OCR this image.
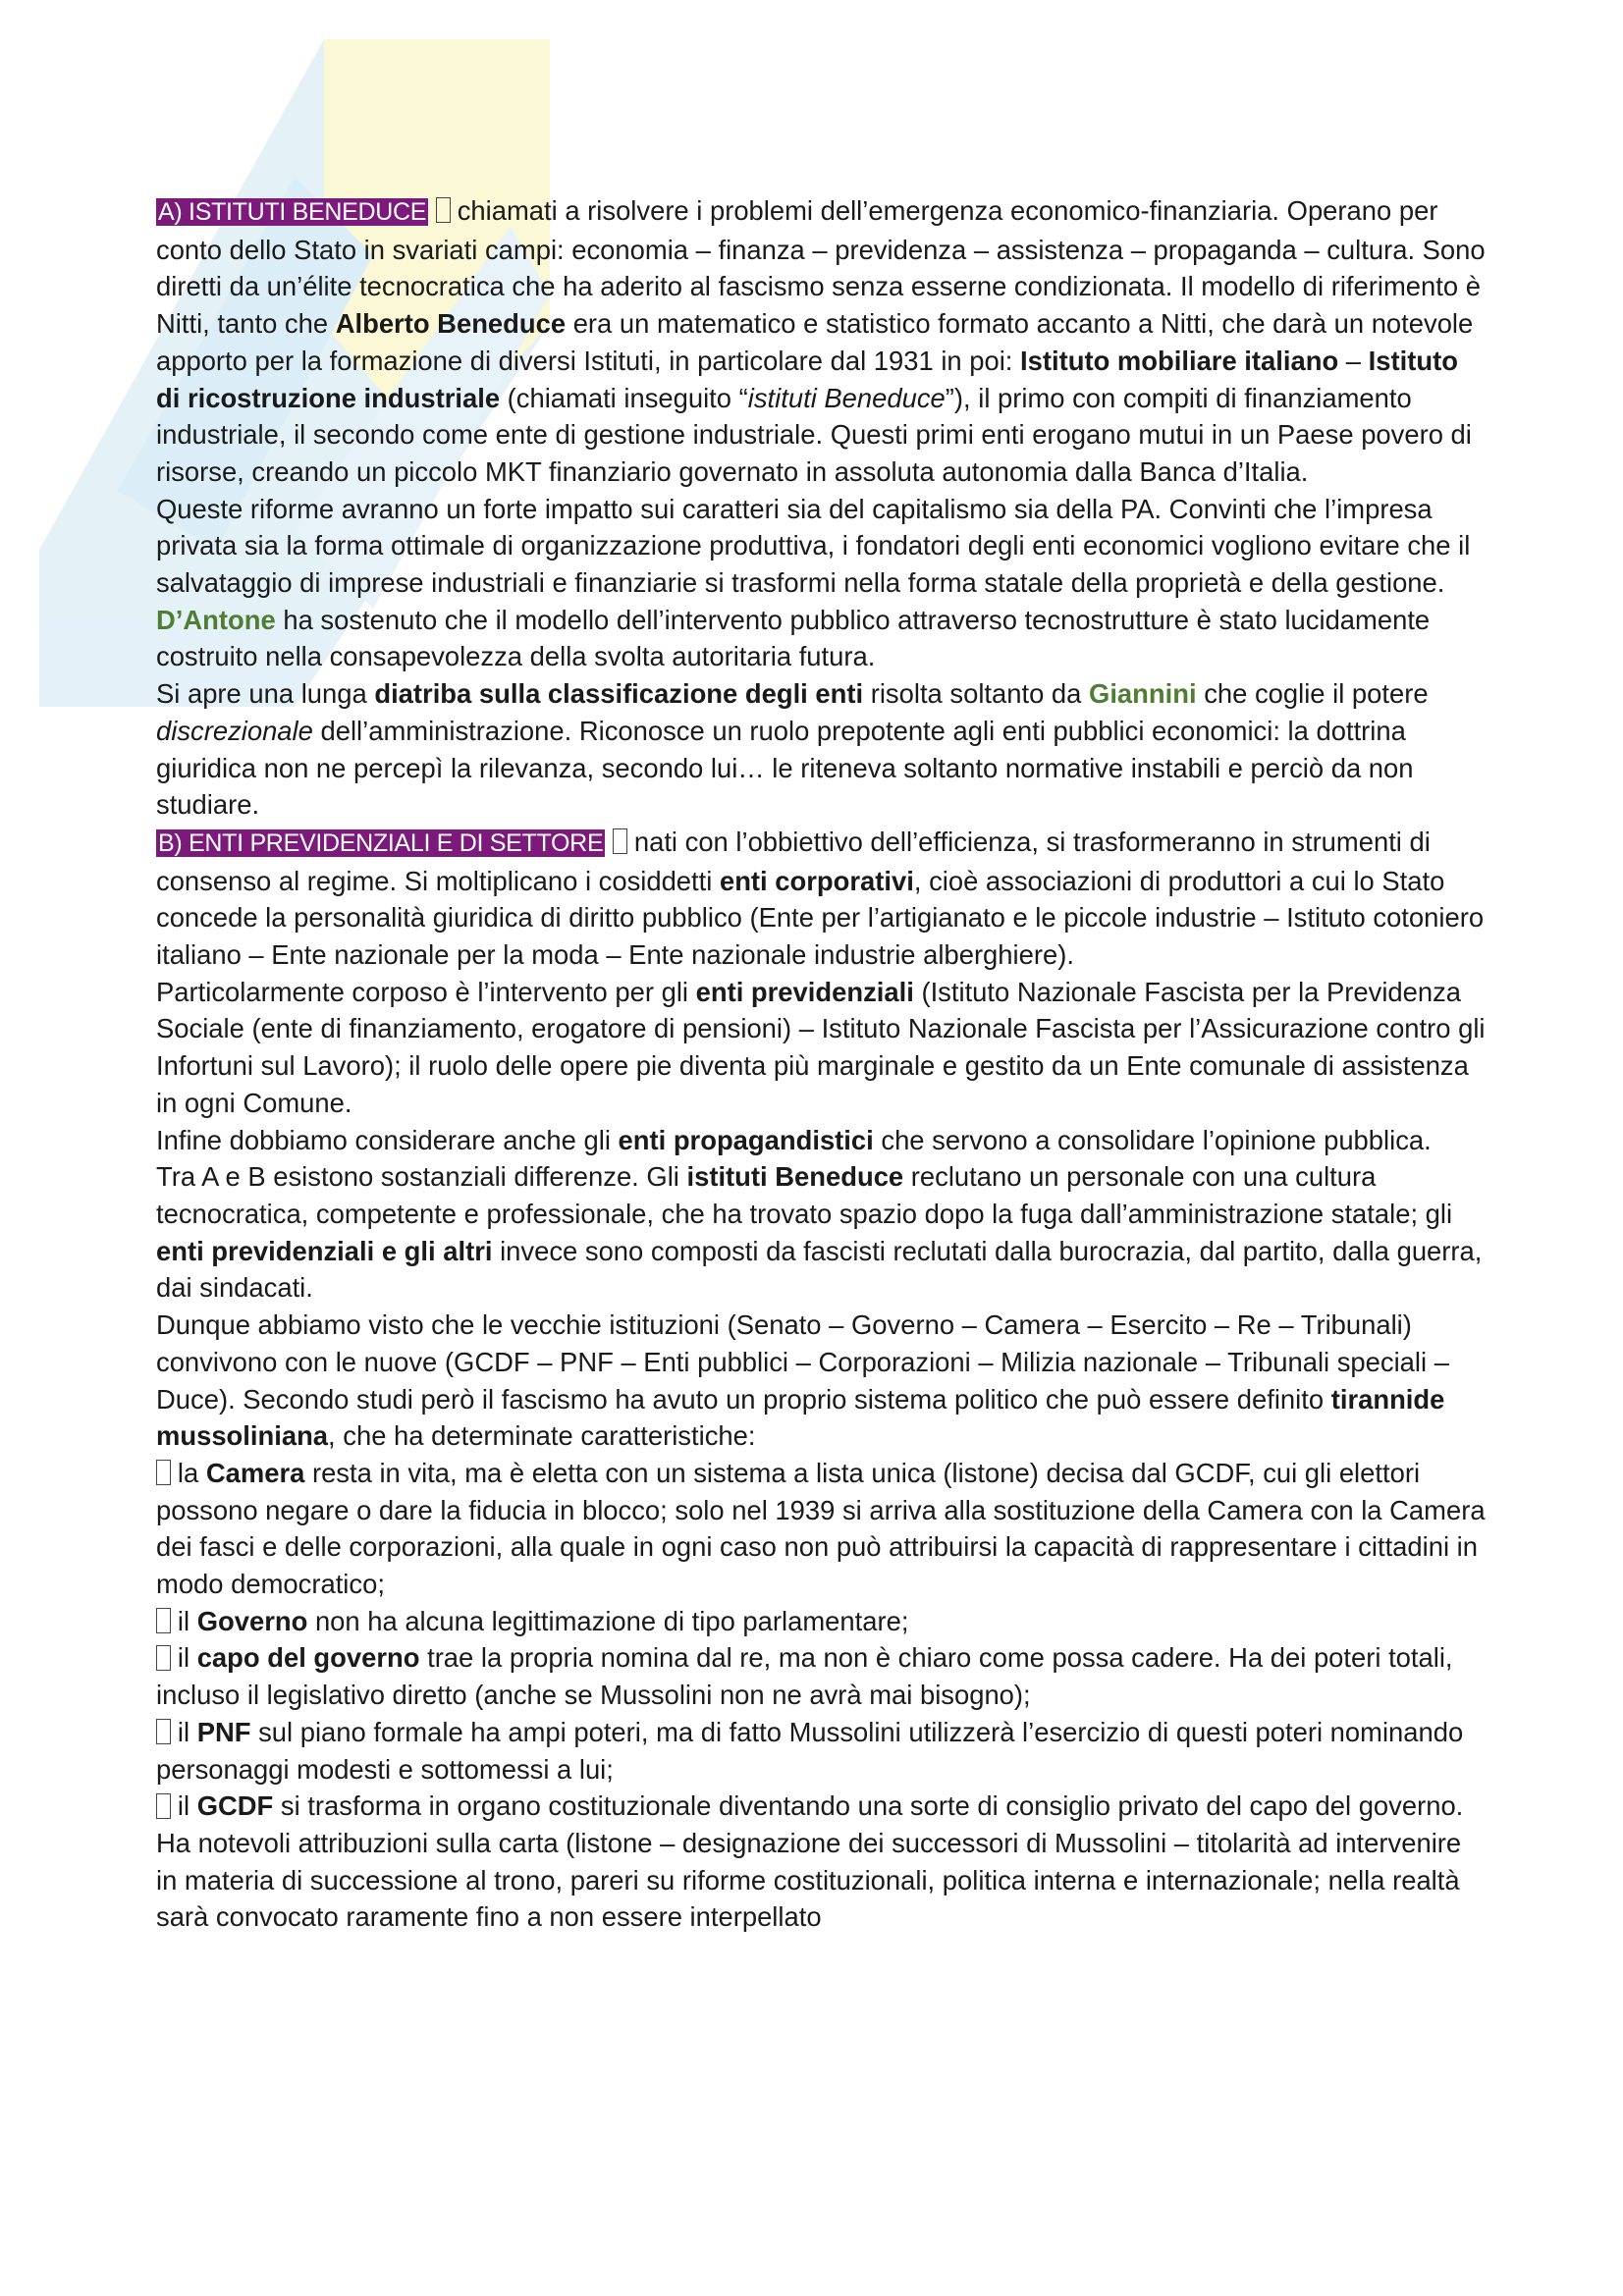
A) ISTITUTI BENEDUCE chiamati a risolvere i problemi dell’emergenza economico-finanziaria. Operano per conto dello Stato in svariati campi: economia – finanza – previdenza – assistenza – propaganda – cultura. Sono diretti da un’élite tecnocratica che ha aderito al fascismo senza esserne condizionata. Il modello di riferimento è Nitti, tanto che Alberto Beneduce era un matematico e statistico formato accanto a Nitti, che darà un notevole apporto per la formazione di diversi Istituti, in particolare dal 1931 in poi: Istituto mobiliare italiano – Istituto di ricostruzione industriale (chiamati inseguito “istituti Beneduce”), il primo con compiti di finanziamento industriale, il secondo come ente di gestione industriale. Questi primi enti erogano mutui in un Paese povero di risorse, creando un piccolo MKT finanziario governato in assoluta autonomia dalla Banca d’Italia.

Queste riforme avranno un forte impatto sui caratteri sia del capitalismo sia della PA. Convinti che l’impresa privata sia la forma ottimale di organizzazione produttiva, i fondatori degli enti economici vogliono evitare che il salvataggio di imprese industriali e finanziarie si trasformi nella forma statale della proprietà e della gestione. D’Antone ha sostenuto che il modello dell’intervento pubblico attraverso tecnostrutture è stato lucidamente costruito nella consapevolezza della svolta autoritaria futura.

Si apre una lunga diatriba sulla classificazione degli enti risolta soltanto da Giannini che coglie il potere discrezionale dell’amministrazione. Riconosce un ruolo prepotente agli enti pubblici economici: la dottrina giuridica non ne percepì la rilevanza, secondo lui… le riteneva soltanto normative instabili e perciò da non studiare.

B) ENTI PREVIDENZIALI E DI SETTORE nati con l’obbiettivo dell’efficienza, si trasformeranno in strumenti di consenso al regime. Si moltiplicano i cosiddetti enti corporativi, cioè associazioni di produttori a cui lo Stato concede la personalità giuridica di diritto pubblico (Ente per l’artigianato e le piccole industrie – Istituto cotoniero italiano – Ente nazionale per la moda – Ente nazionale industrie alberghiere).

Particolarmente corposo è l’intervento per gli enti previdenziali (Istituto Nazionale Fascista per la Previdenza Sociale (ente di finanziamento, erogatore di pensioni) – Istituto Nazionale Fascista per l’Assicurazione contro gli Infortuni sul Lavoro); il ruolo delle opere pie diventa più marginale e gestito da un Ente comunale di assistenza in ogni Comune.

Infine dobbiamo considerare anche gli enti propagandistici che servono a consolidare l’opinione pubblica.

Tra A e B esistono sostanziali differenze. Gli istituti Beneduce reclutano un personale con una cultura tecnocratica, competente e professionale, che ha trovato spazio dopo la fuga dall’amministrazione statale; gli enti previdenziali e gli altri invece sono composti da fascisti reclutati dalla burocrazia, dal partito, dalla guerra, dai sindacati.

Dunque abbiamo visto che le vecchie istituzioni (Senato – Governo – Camera – Esercito – Re – Tribunali) convivono con le nuove (GCDF – PNF – Enti pubblici – Corporazioni – Milizia nazionale – Tribunali speciali – Duce). Secondo studi però il fascismo ha avuto un proprio sistema politico che può essere definito tirannide mussoliniana, che ha determinate caratteristiche:

la Camera resta in vita, ma è eletta con un sistema a lista unica (listone) decisa dal GCDF, cui gli elettori possono negare o dare la fiducia in blocco; solo nel 1939 si arriva alla sostituzione della Camera con la Camera dei fasci e delle corporazioni, alla quale in ogni caso non può attribuirsi la capacità di rappresentare i cittadini in modo democratico;

il Governo non ha alcuna legittimazione di tipo parlamentare;

il capo del governo trae la propria nomina dal re, ma non è chiaro come possa cadere. Ha dei poteri totali, incluso il legislativo diretto (anche se Mussolini non ne avrà mai bisogno);

il PNF sul piano formale ha ampi poteri, ma di fatto Mussolini utilizzerà l’esercizio di questi poteri nominando personaggi modesti e sottomessi a lui;

il GCDF si trasforma in organo costituzionale diventando una sorte di consiglio privato del capo del governo. Ha notevoli attribuzioni sulla carta (listone – designazione dei successori di Mussolini – titolarità ad intervenire in materia di successione al trono, pareri su riforme costituzionali, politica interna e internazionale; nella realtà sarà convocato raramente fino a non essere interpellato
